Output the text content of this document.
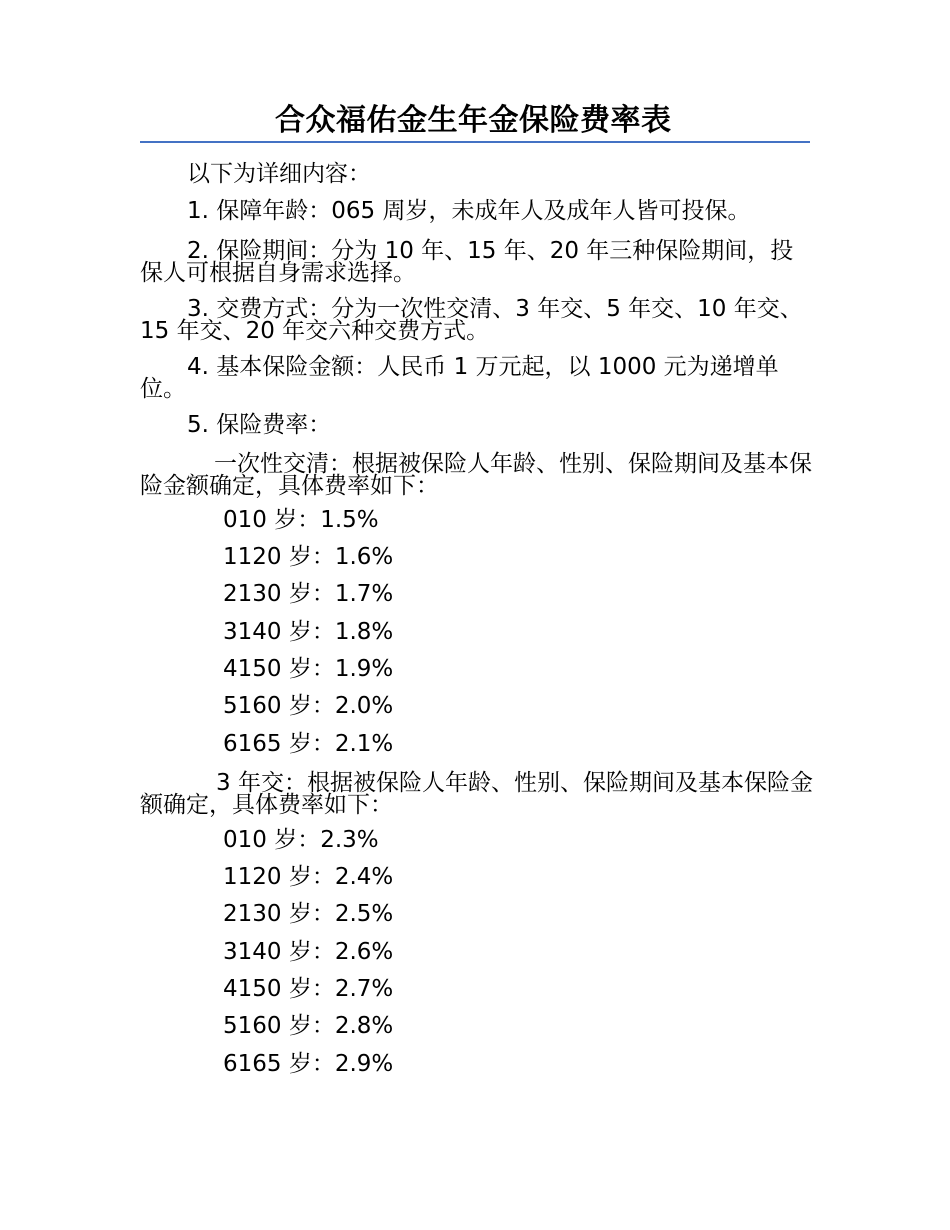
合众福佑金生年金保险费率表

以下为详细内容：

1. 保障年龄：065 周岁，未成年人及成年人皆可投保。

2. 保险期间：分为 10 年、15 年、20 年三种保险期间，投保人可根据自身需求选择。

3. 交费方式：分为一次性交清、3 年交、5 年交、10 年交、15 年交、20 年交六种交费方式。

4. 基本保险金额：人民币 1 万元起，以 1000 元为递增单位。

5. 保险费率：

一次性交清：根据被保险人年龄、性别、保险期间及基本保险金额确定，具体费率如下：

010 岁：1.5%

1120 岁：1.6%

2130 岁：1.7%

3140 岁：1.8%

4150 岁：1.9%

5160 岁：2.0%

6165 岁：2.1%

3 年交：根据被保险人年龄、性别、保险期间及基本保险金额确定，具体费率如下：

010 岁：2.3%

1120 岁：2.4%

2130 岁：2.5%

3140 岁：2.6%

4150 岁：2.7%

5160 岁：2.8%

6165 岁：2.9%
